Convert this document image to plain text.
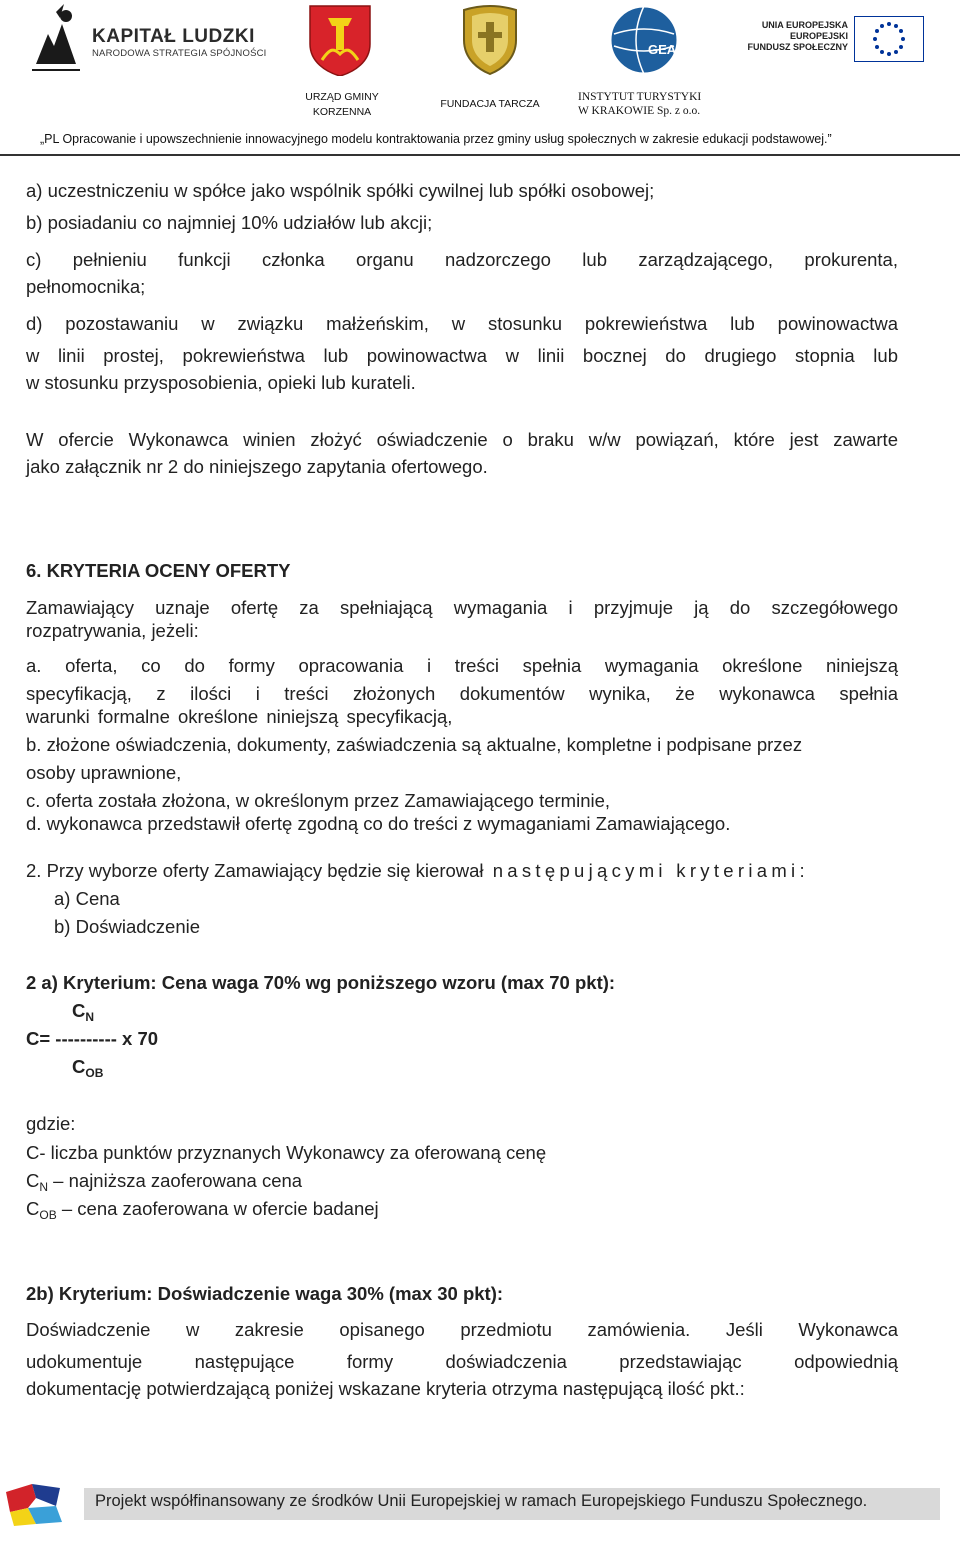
KAPITAŁ LUDZKI
NARODOWA STRATEGIA SPÓJNOŚCI	GEA
UNIA EUROPEJSKA
EUROPEJSKI
FUNDUSZ SPOŁECZNY
URZĄD GMINY
KORZENNA
FUNDACJA TARCZA
INSTYTUT TURYSTYKI
W KRAKOWIE Sp. z o.o.
„PL Opracowanie i upowszechnienie innowacyjnego modelu kontraktowania przez gminy usług społecznych w zakresie edukacji podstawowej.”
a) uczestniczeniu w spółce jako wspólnik spółki cywilnej lub spółki osobowej;
b) posiadaniu co najmniej 10% udziałów lub akcji;
c) pełnieniu funkcji członka organu nadzorczego lub zarządzającego, prokurenta,
pełnomocnika;
d) pozostawaniu w związku małżeńskim, w stosunku pokrewieństwa lub powinowactwa
w linii prostej, pokrewieństwa lub powinowactwa w linii bocznej do drugiego stopnia lub
w stosunku przysposobienia, opieki lub kurateli.
W ofercie Wykonawca winien złożyć oświadczenie o braku w/w powiązań, które jest zawarte
jako załącznik nr 2 do niniejszego zapytania ofertowego.
6. KRYTERIA OCENY OFERTY
Zamawiający uznaje ofertę za spełniającą wymagania i przyjmuje ją do szczegółowego
rozpatrywania, jeżeli:
a. oferta, co do formy opracowania i treści spełnia wymagania określone niniejszą
specyfikacją, z ilości i treści złożonych dokumentów wynika, że wykonawca spełnia
warunki formalne określone niniejszą specyfikacją,
b. złożone oświadczenia, dokumenty, zaświadczenia są aktualne, kompletne i podpisane przez
osoby uprawnione,
c. oferta została złożona, w określonym przez Zamawiającego terminie,
d. wykonawca przedstawił ofertę zgodną co do treści z wymaganiami Zamawiającego.
2. Przy wyborze oferty Zamawiający będzie się kierował następującymi kryteriami:
a) Cena
b) Doświadczenie
2 a) Kryterium: Cena waga 70% wg poniższego wzoru (max 70 pkt):
$C_N$
C= ---------- x 70
$C_{OB}$
gdzie:
C- liczba punktów przyznanych Wykonawcy za oferowaną cenę
$C_N$ – najniższa zaoferowana cena
$C_{OB}$ – cena zaoferowana w ofercie badanej
2b) Kryterium: Doświadczenie waga 30% (max 30 pkt):
Doświadczenie w zakresie opisanego przedmiotu zamówienia. Jeśli Wykonawca
udokumentuje następujące formy doświadczenia przedstawiając odpowiednią
dokumentację potwierdzającą poniżej wskazane kryteria otrzyma następującą ilość pkt.:
Projekt współfinansowany ze środków Unii Europejskiej w ramach Europejskiego Funduszu Społecznego.
